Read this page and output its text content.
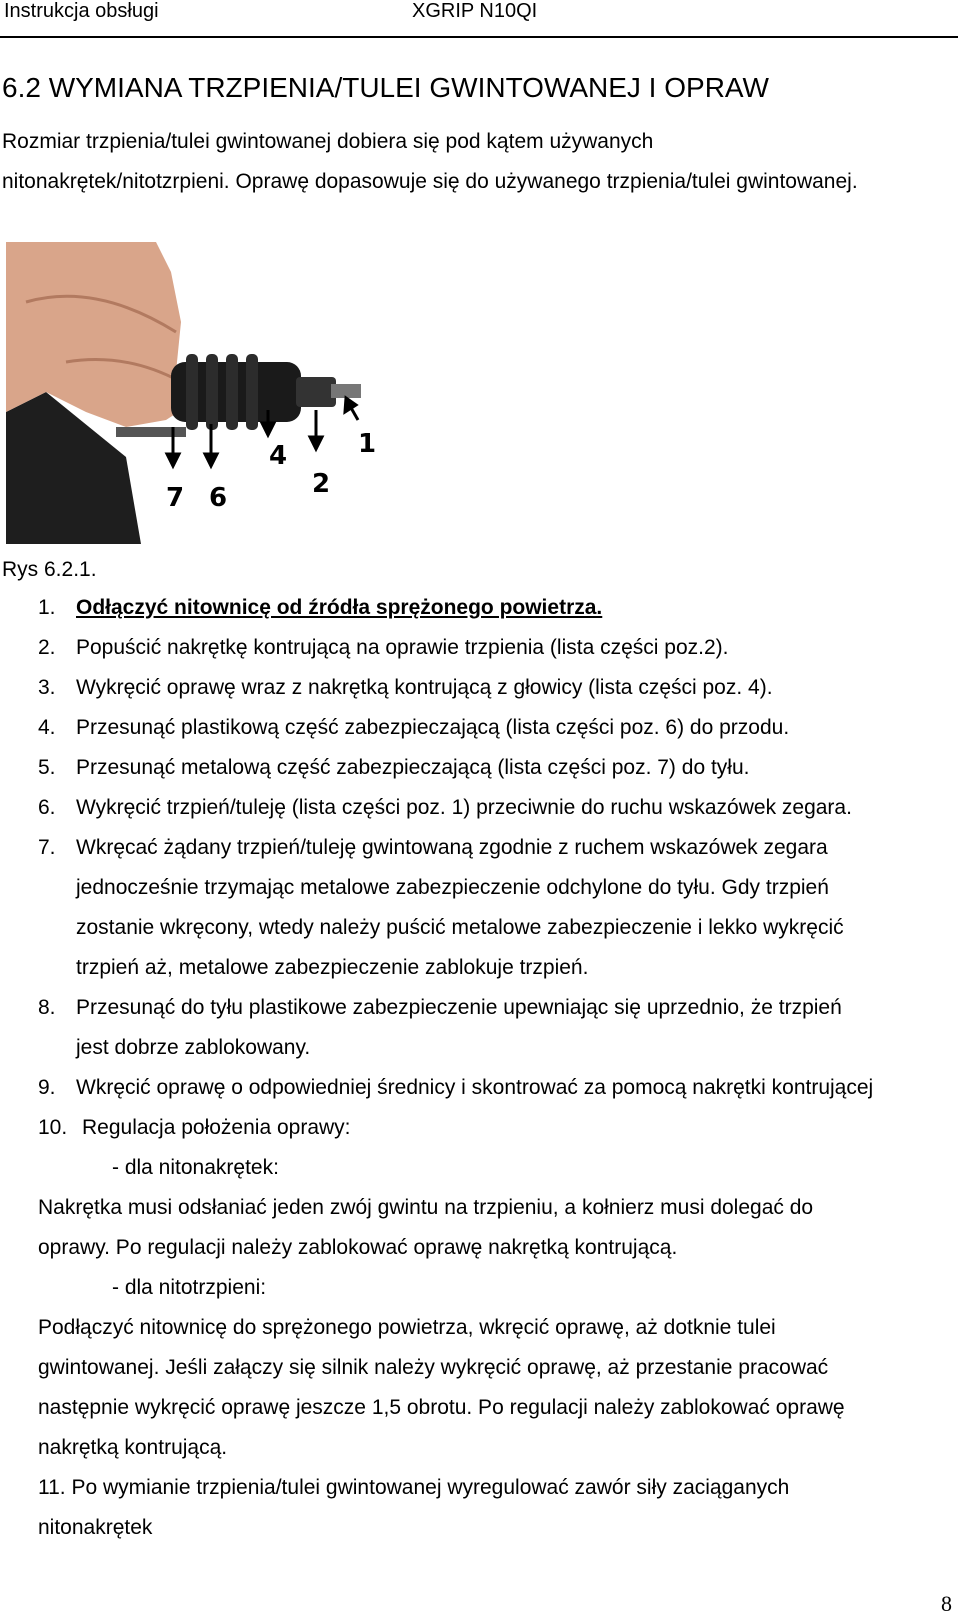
Instrukcja obsługi	XGRIP N10QI
6.2 WYMIANA TRZPIENIA/TULEI GWINTOWANEJ I OPRAW
Rozmiar trzpienia/tulei gwintowanej dobiera się pod kątem używanych
nitonakrętek/nitotzrpieni. Oprawę dopasowuje się do używanego trzpienia/tulei gwintowanej.
7 6
4
2
1
Rys 6.2.1.
1. Odłączyć nitownicę od źródła sprężonego powietrza.
2. Popuścić nakrętkę kontrującą na oprawie trzpienia (lista części poz.2).
3. Wykręcić oprawę wraz z nakrętką kontrującą z głowicy (lista części poz. 4).
4. Przesunąć plastikową część zabezpieczającą (lista części poz. 6) do przodu.
5. Przesunąć metalową część zabezpieczającą (lista części poz. 7) do tyłu.
6. Wykręcić trzpień/tuleję (lista części poz. 1) przeciwnie do ruchu wskazówek zegara.
7. Wkręcać żądany trzpień/tuleję gwintowaną zgodnie z ruchem wskazówek zegara
jednocześnie trzymając metalowe zabezpieczenie odchylone do tyłu. Gdy trzpień
zostanie wkręcony, wtedy należy puścić metalowe zabezpieczenie i lekko wykręcić
trzpień aż, metalowe zabezpieczenie zablokuje trzpień.
8. Przesunąć do tyłu plastikowe zabezpieczenie upewniając się uprzednio, że trzpień
jest dobrze zablokowany.
9. Wkręcić oprawę o odpowiedniej średnicy i skontrować za pomocą nakrętki kontrującej
10. Regulacja położenia oprawy:
- dla nitonakrętek:
Nakrętka musi odsłaniać jeden zwój gwintu na trzpieniu, a kołnierz musi dolegać do
oprawy. Po regulacji należy zablokować oprawę nakrętką kontrującą.
- dla nitotrzpieni:
Podłączyć nitownicę do sprężonego powietrza, wkręcić oprawę, aż dotknie tulei
gwintowanej. Jeśli załączy się silnik należy wykręcić oprawę, aż przestanie pracować
następnie wykręcić oprawę jeszcze 1,5 obrotu. Po regulacji należy zablokować oprawę
nakrętką kontrującą.
11. Po wymianie trzpienia/tulei gwintowanej wyregulować zawór siły zaciąganych
nitonakrętek
8
